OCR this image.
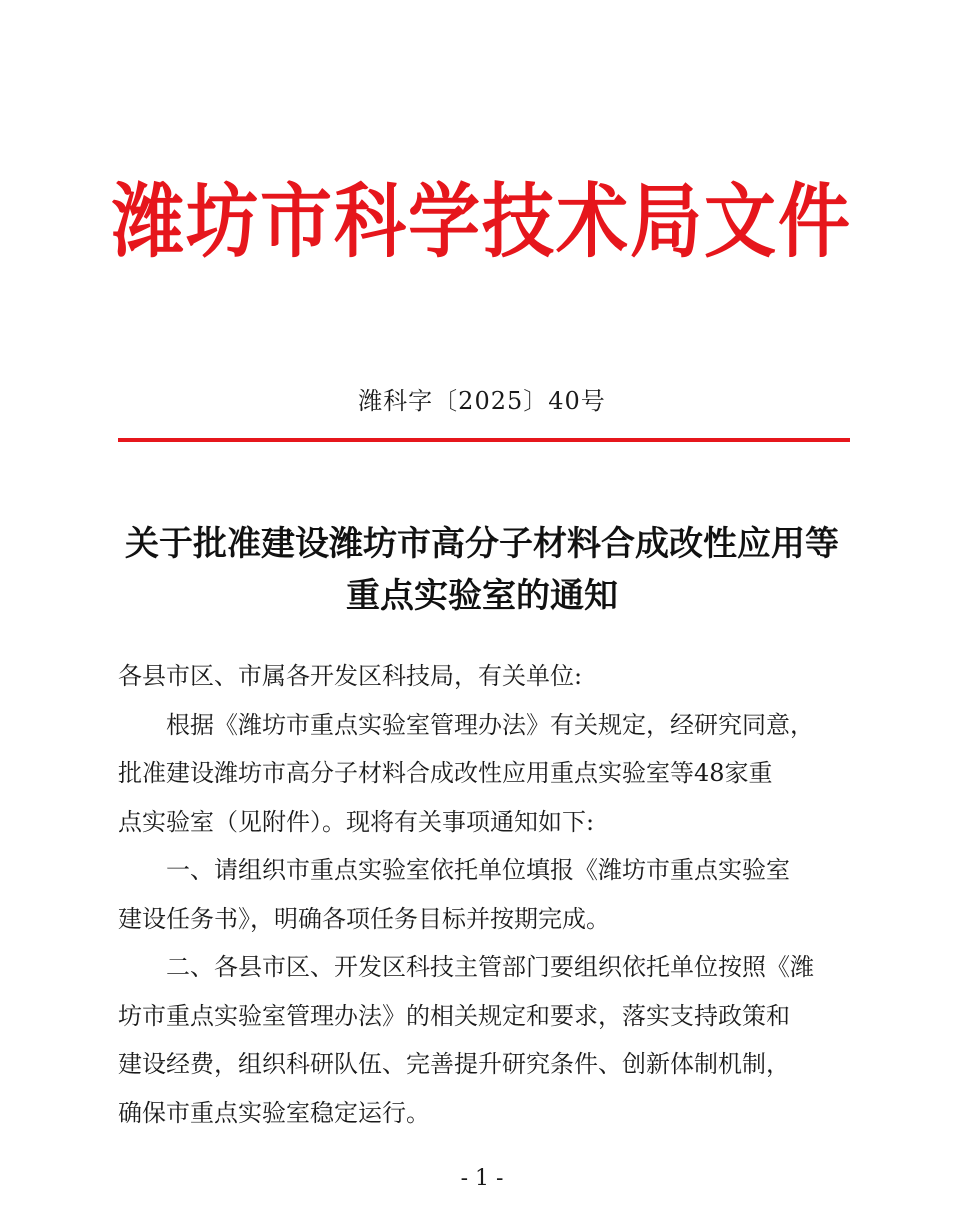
潍坊市科学技术局文件
潍科字〔2025〕40号
关于批准建设潍坊市高分子材料合成改性应用等
重点实验室的通知

各县市区、市属各开发区科技局，有关单位:

根据《潍坊市重点实验室管理办法》有关规定，经研究同意，

批准建设潍坊市高分子材料合成改性应用重点实验室等48家重

点实验室（见附件）。现将有关事项通知如下:

一、请组织市重点实验室依托单位填报《潍坊市重点实验室

建设任务书》，明确各项任务目标并按期完成。

二、各县市区、开发区科技主管部门要组织依托单位按照《潍

坊市重点实验室管理办法》的相关规定和要求，落实支持政策和

建设经费，组织科研队伍、完善提升研究条件、创新体制机制，

确保市重点实验室稳定运行。

- 1 -
